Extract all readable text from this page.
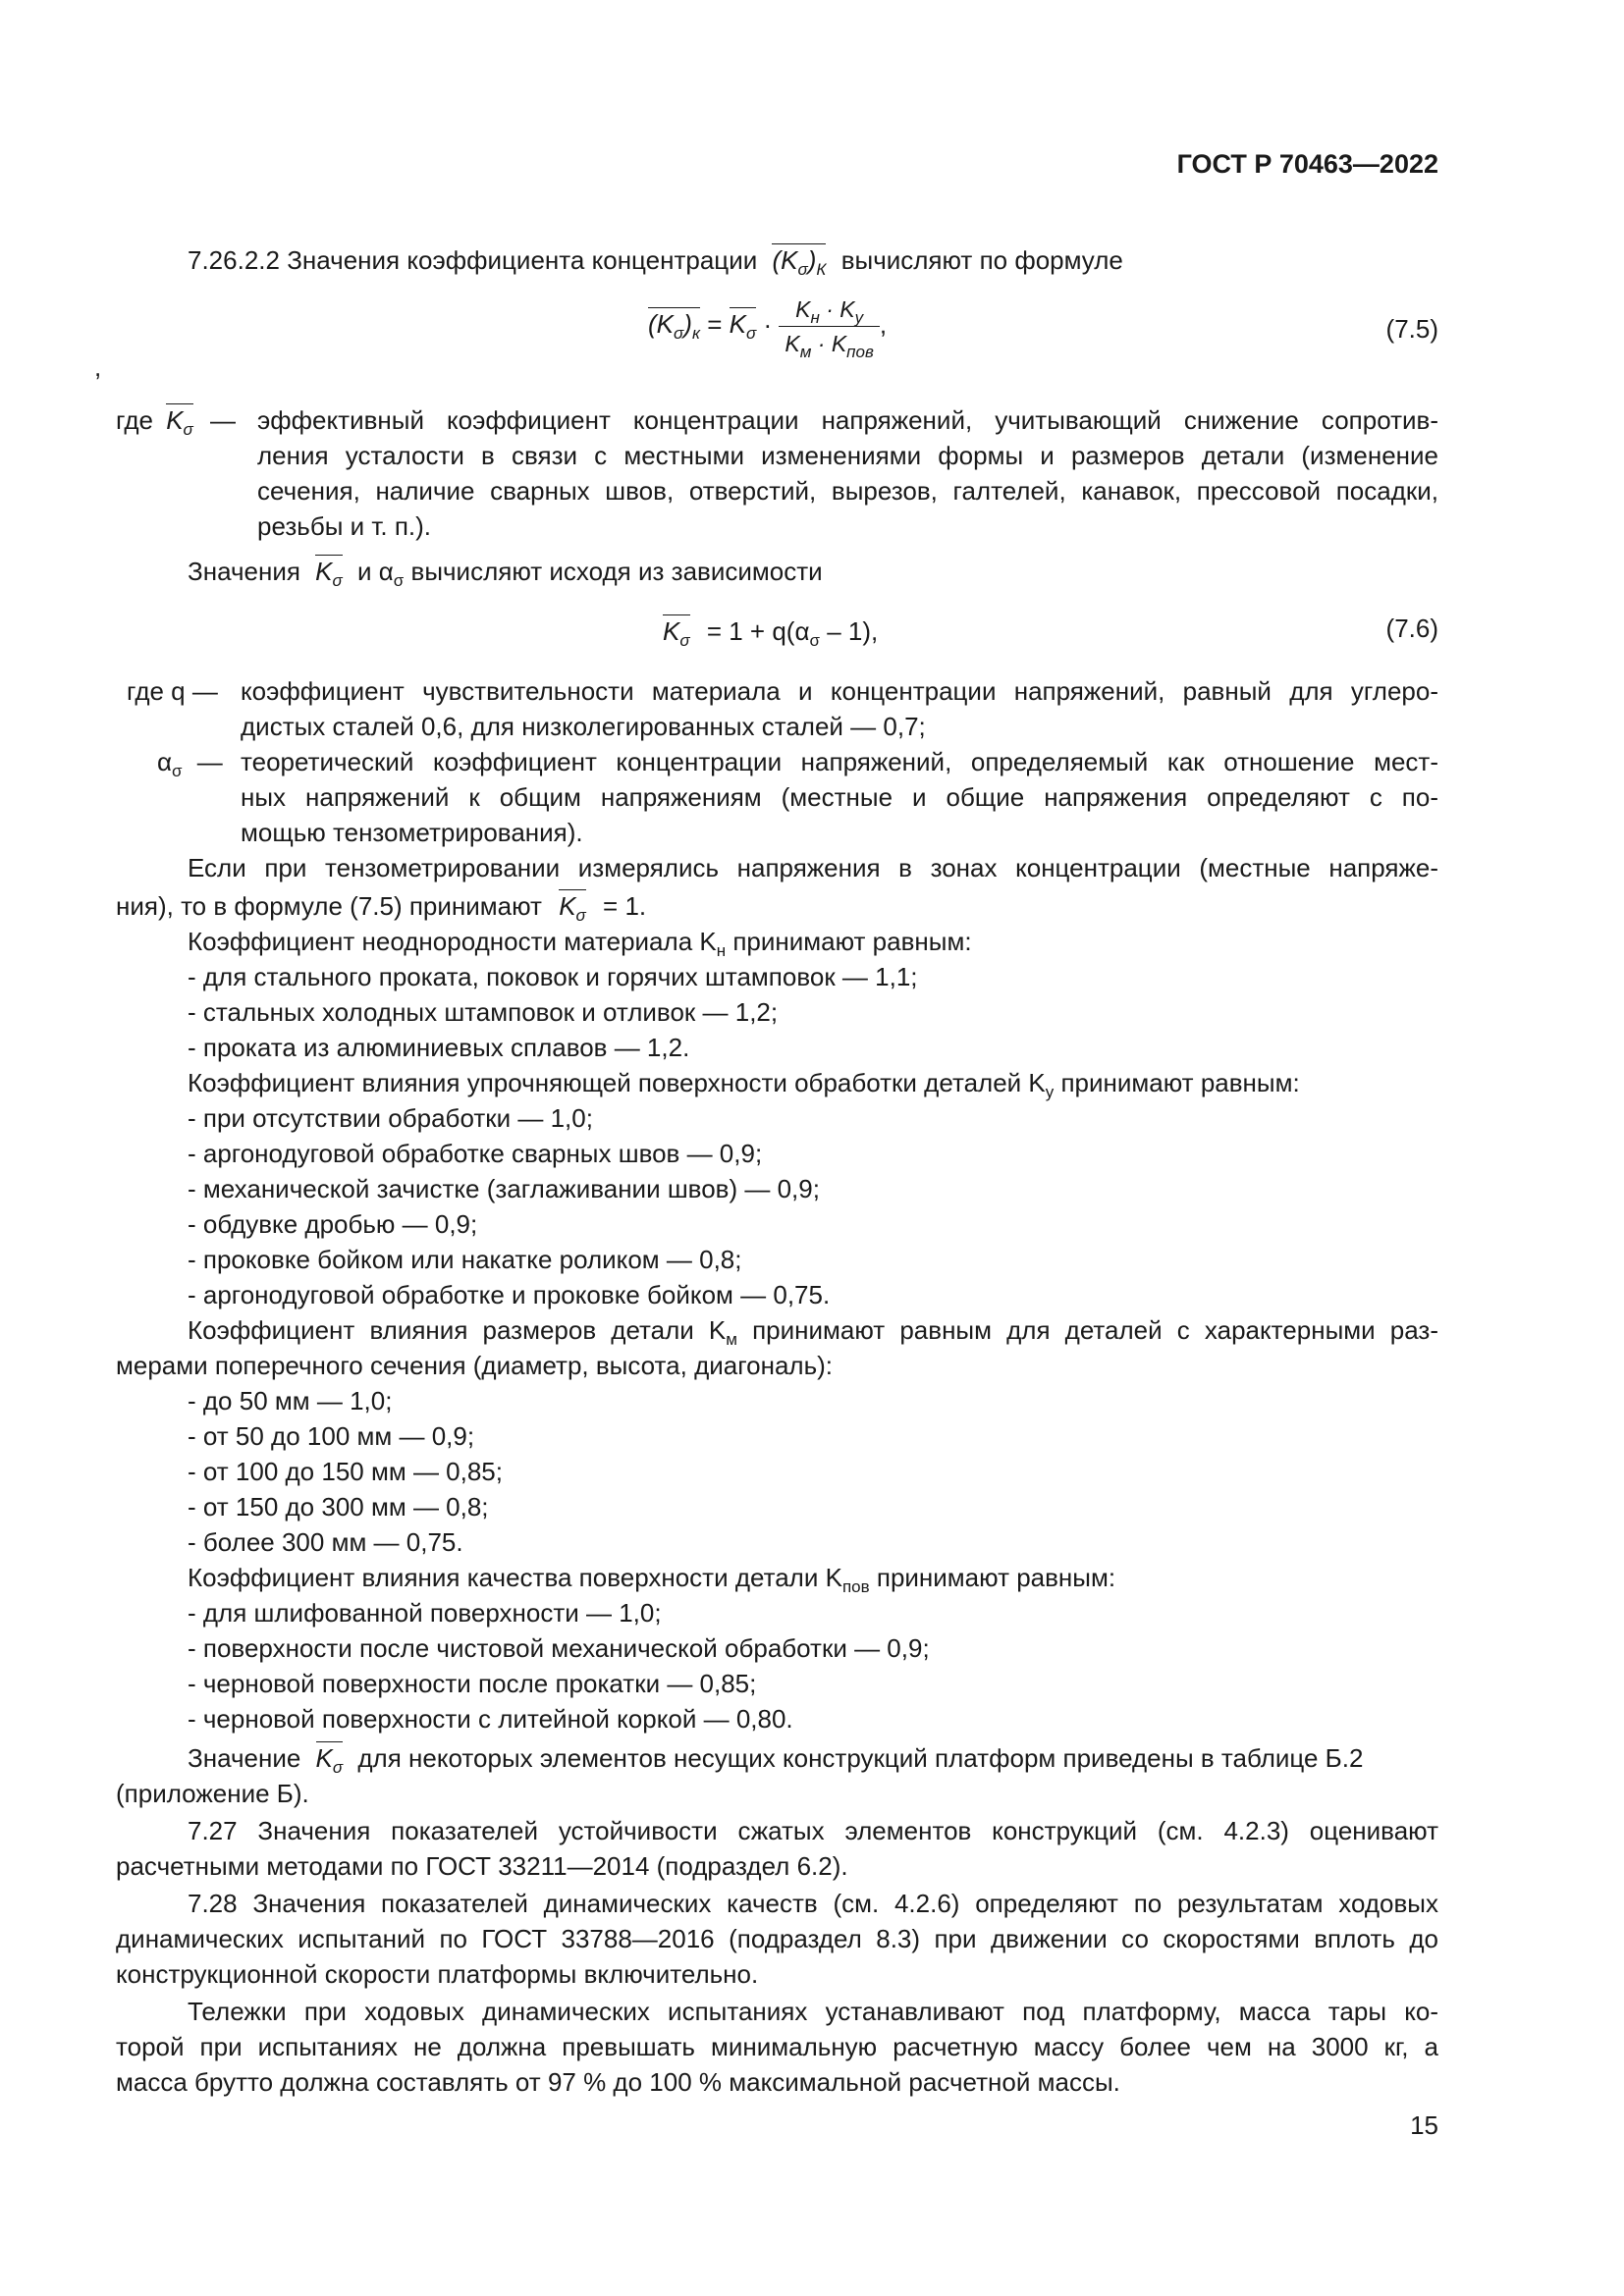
ГОСТ Р 70463—2022
7.26.2.2 Значения коэффициента концентрации $(K_\sigma)_К$ вычисляют по формуле
$(K_\sigma)_к = K_\sigma \cdot \frac{K_н \cdot K_у}{K_м \cdot K_{пов}}$ ,	(7.5)
,
где $K_\sigma$ — эффективный коэффициент концентрации напряжений, учитывающий снижение сопротив-
ления усталости в связи с местными изменениями формы и размеров детали (изменение
сечения, наличие сварных швов, отверстий, вырезов, галтелей, канавок, прессовой посадки,
резьбы и т. п.).
Значения $K_\sigma$ и $\alpha_\sigma$ вычисляют исходя из зависимости
$K_\sigma = 1 + q(\alpha_\sigma - 1)$,	(7.6)
где q — коэффициент чувствительности материала и концентрации напряжений, равный для углеро-
дистых сталей 0,6, для низколегированных сталей — 0,7;
$\alpha_\sigma$ — теоретический коэффициент концентрации напряжений, определяемый как отношение мест-
ных напряжений к общим напряжениям (местные и общие напряжения определяют с по-
мощью тензометрирования).
Если при тензометрировании измерялись напряжения в зонах концентрации (местные напряже-
ния), то в формуле (7.5) принимают $K_\sigma = 1$.
Коэффициент неоднородности материала $K_н$ принимают равным:
- для стального проката, поковок и горячих штамповок — 1,1;
- стальных холодных штамповок и отливок — 1,2;
- проката из алюминиевых сплавов — 1,2.
Коэффициент влияния упрочняющей поверхности обработки деталей $K_у$ принимают равным:
- при отсутствии обработки — 1,0;
- аргонодуговой обработке сварных швов — 0,9;
- механической зачистке (заглаживании швов) — 0,9;
- обдувке дробью — 0,9;
- проковке бойком или накатке роликом — 0,8;
- аргонодуговой обработке и проковке бойком — 0,75.
Коэффициент влияния размеров детали $K_м$ принимают равным для деталей с характерными раз-
мерами поперечного сечения (диаметр, высота, диагональ):
- до 50 мм — 1,0;
- от 50 до 100 мм — 0,9;
- от 100 до 150 мм — 0,85;
- от 150 до 300 мм — 0,8;
- более 300 мм — 0,75.
Коэффициент влияния качества поверхности детали $K_{пов}$ принимают равным:
- для шлифованной поверхности — 1,0;
- поверхности после чистовой механической обработки — 0,9;
- черновой поверхности после прокатки — 0,85;
- черновой поверхности с литейной коркой — 0,80.
Значение $K_\sigma$ для некоторых элементов несущих конструкций платформ приведены в таблице Б.2
(приложение Б).
7.27 Значения показателей устойчивости сжатых элементов конструкций (см. 4.2.3) оценивают
расчетными методами по ГОСТ 33211—2014 (подраздел 6.2).
7.28 Значения показателей динамических качеств (см. 4.2.6) определяют по результатам ходовых
динамических испытаний по ГОСТ 33788—2016 (подраздел 8.3) при движении со скоростями вплоть до
конструкционной скорости платформы включительно.
Тележки при ходовых динамических испытаниях устанавливают под платформу, масса тары ко-
торой при испытаниях не должна превышать минимальную расчетную массу более чем на 3000 кг, а
масса брутто должна составлять от 97 % до 100 % максимальной расчетной массы.
15
